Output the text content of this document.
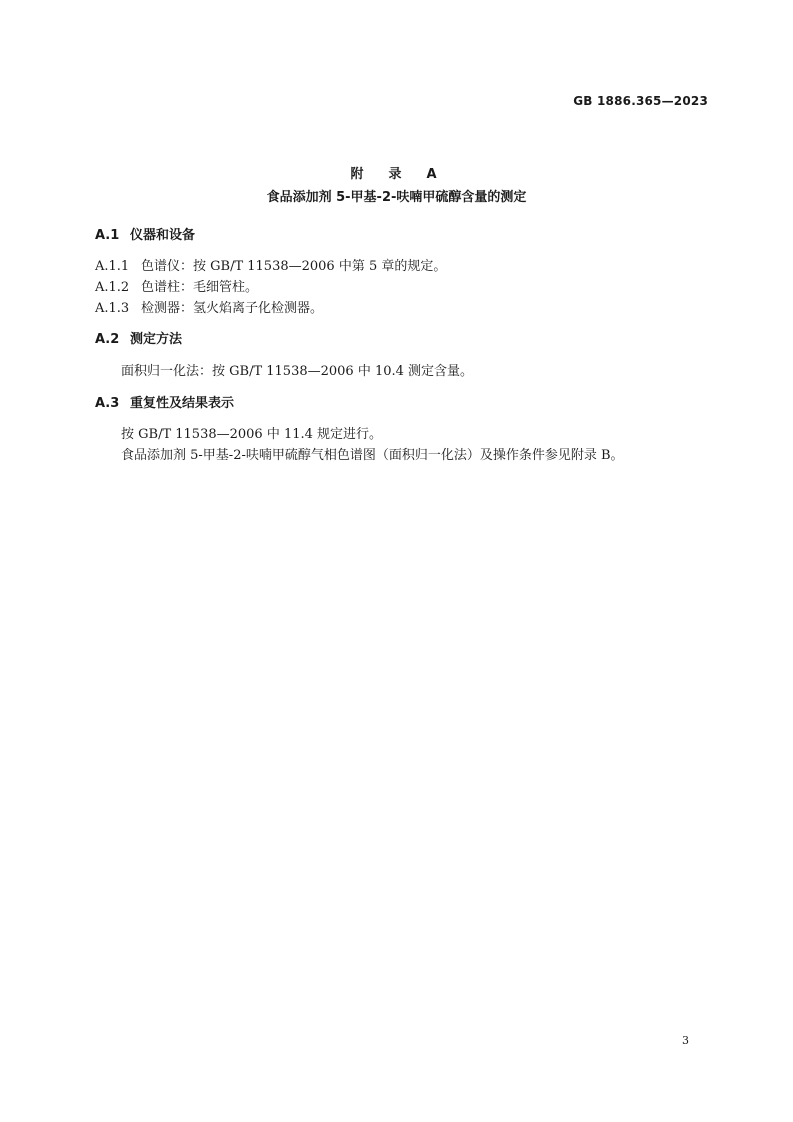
GB 1886.365—2023
附　录　A
食品添加剂 5-甲基-2-呋喃甲硫醇含量的测定
A.1 仪器和设备
A.1.1 色谱仪：按 GB/T 11538—2006 中第 5 章的规定。
A.1.2 色谱柱：毛细管柱。
A.1.3 检测器：氢火焰离子化检测器。
A.2 测定方法
面积归一化法：按 GB/T 11538—2006 中 10.4 测定含量。
A.3 重复性及结果表示
按 GB/T 11538—2006 中 11.4 规定进行。
食品添加剂 5-甲基-2-呋喃甲硫醇气相色谱图（面积归一化法）及操作条件参见附录 B。
3
